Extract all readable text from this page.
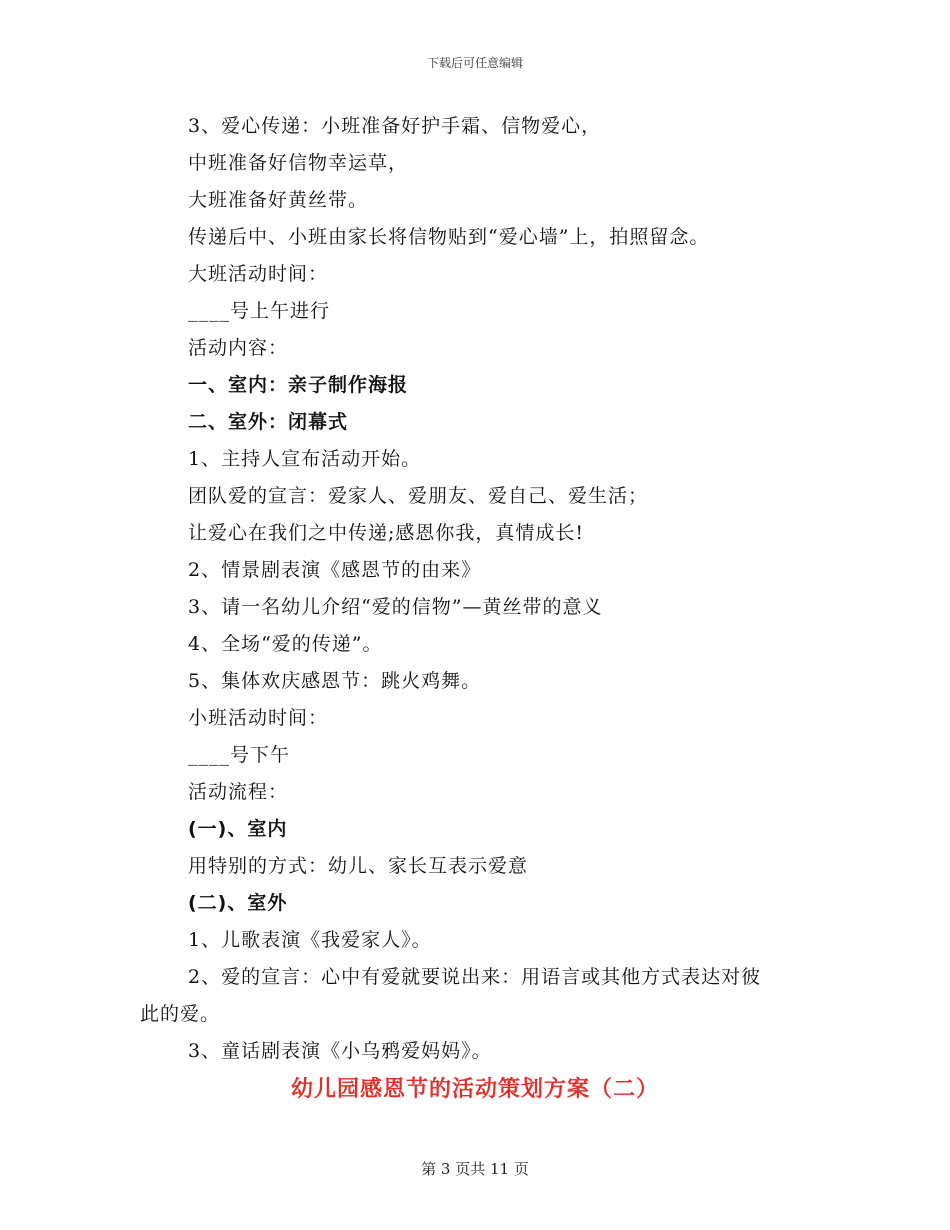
下载后可任意编辑
3、爱心传递：小班准备好护手霜、信物爱心，
中班准备好信物幸运草，
大班准备好黄丝带。
传递后中、小班由家长将信物贴到“爱心墙”上，拍照留念。
大班活动时间：
____号上午进行
活动内容：
一、室内：亲子制作海报
二、室外：闭幕式
1、主持人宣布活动开始。
团队爱的宣言：爱家人、爱朋友、爱自己、爱生活；
让爱心在我们之中传递;感恩你我，真情成长!
2、情景剧表演《感恩节的由来》
3、请一名幼儿介绍“爱的信物”—黄丝带的意义
4、全场“爱的传递”。
5、集体欢庆感恩节：跳火鸡舞。
小班活动时间：
____号下午
活动流程：
(一)、室内
用特别的方式：幼儿、家长互表示爱意
(二)、室外
1、儿歌表演《我爱家人》。
2、爱的宣言：心中有爱就要说出来：用语言或其他方式表达对彼
此的爱。
3、童话剧表演《小乌鸦爱妈妈》。
幼儿园感恩节的活动策划方案（二）
第 3 页共 11 页
